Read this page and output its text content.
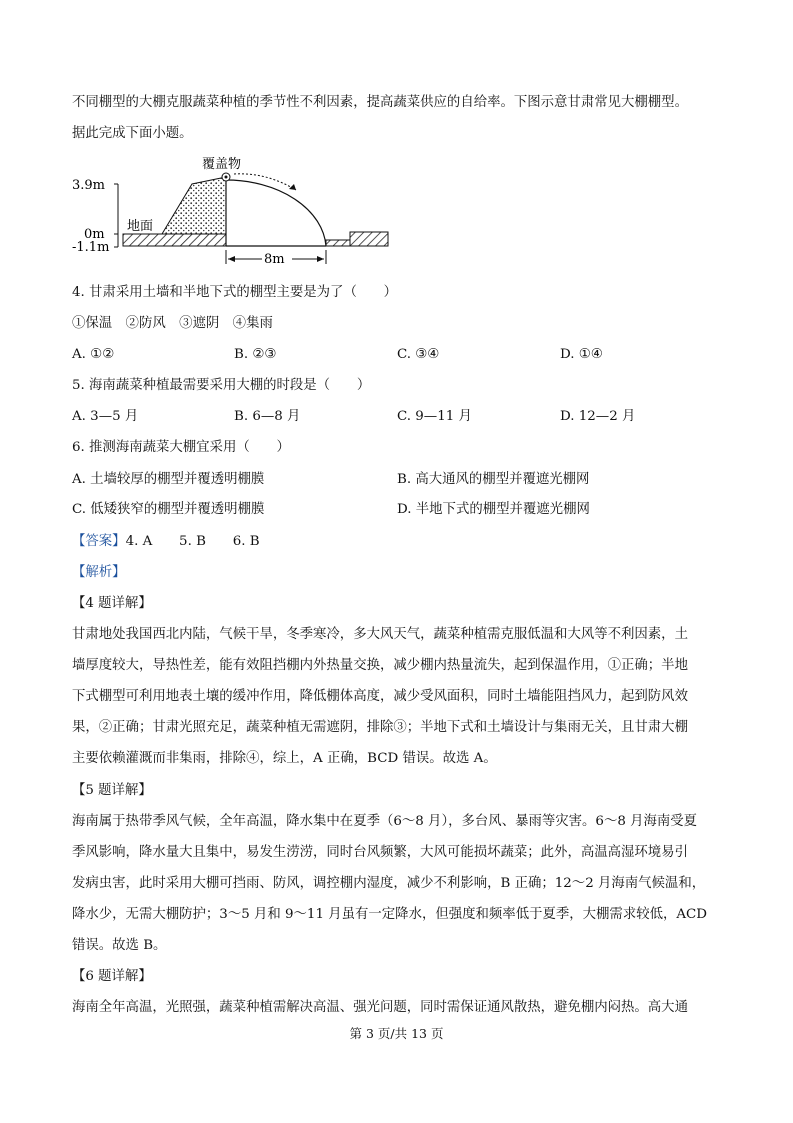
不同棚型的大棚克服蔬菜种植的季节性不利因素，提高蔬菜供应的自给率。下图示意甘肃常见大棚棚型。
据此完成下面小题。
3.9m
0m
-1.1m
地面
覆盖物
8m
4. 甘肃采用土墙和半地下式的棚型主要是为了（　　）
①保温　②防风　③遮阴　④集雨
A. ①②	B. ②③	C. ③④	D. ①④
5. 海南蔬菜种植最需要采用大棚的时段是（　　）
A. 3—5 月	B. 6—8 月	C. 9—11 月	D. 12—2 月
6. 推测海南蔬菜大棚宜采用（　　）
A. 土墙较厚的棚型并覆透明棚膜	B. 高大通风的棚型并覆遮光棚网
C. 低矮狭窄的棚型并覆透明棚膜	D. 半地下式的棚型并覆遮光棚网
【答案】4. A　　5. B　　6. B
【解析】
【4 题详解】
甘肃地处我国西北内陆，气候干旱，冬季寒冷，多大风天气，蔬菜种植需克服低温和大风等不利因素，土
墙厚度较大，导热性差，能有效阻挡棚内外热量交换，减少棚内热量流失，起到保温作用，①正确；半地
下式棚型可利用地表土壤的缓冲作用，降低棚体高度，减少受风面积，同时土墙能阻挡风力，起到防风效
果，②正确；甘肃光照充足，蔬菜种植无需遮阴，排除③；半地下式和土墙设计与集雨无关，且甘肃大棚
主要依赖灌溉而非集雨，排除④，综上，A 正确，BCD 错误。故选 A。
【5 题详解】
海南属于热带季风气候，全年高温，降水集中在夏季（6～8 月），多台风、暴雨等灾害。6～8 月海南受夏
季风影响，降水量大且集中，易发生涝涝，同时台风频繁，大风可能损坏蔬菜；此外，高温高湿环境易引
发病虫害，此时采用大棚可挡雨、防风，调控棚内湿度，减少不利影响，B 正确；12～2 月海南气候温和，
降水少，无需大棚防护；3～5 月和 9～11 月虽有一定降水，但强度和频率低于夏季，大棚需求较低，ACD
错误。故选 B。
【6 题详解】
海南全年高温，光照强，蔬菜种植需解决高温、强光问题，同时需保证通风散热，避免棚内闷热。高大通
第 3 页/共 13 页
